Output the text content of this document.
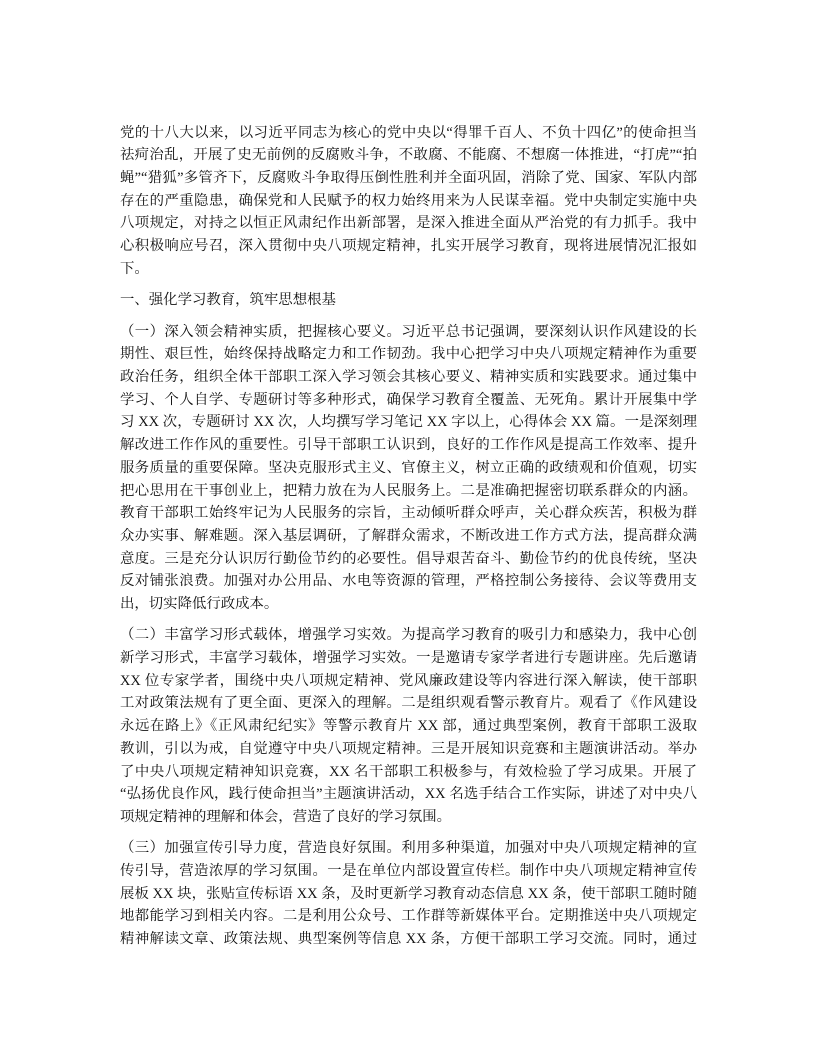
党的十八大以来，以习近平同志为核心的党中央以“得罪千百人、不负十四亿”的使命担当
祛疴治乱，开展了史无前例的反腐败斗争，不敢腐、不能腐、不想腐一体推进，“打虎”“拍
蝇”“猎狐”多管齐下，反腐败斗争取得压倒性胜利并全面巩固，消除了党、国家、军队内部
存在的严重隐患，确保党和人民赋予的权力始终用来为人民谋幸福。党中央制定实施中央
八项规定，对持之以恒正风肃纪作出新部署，是深入推进全面从严治党的有力抓手。我中
心积极响应号召，深入贯彻中央八项规定精神，扎实开展学习教育，现将进展情况汇报如
下。
一、强化学习教育，筑牢思想根基
（一）深入领会精神实质，把握核心要义。习近平总书记强调，要深刻认识作风建设的长
期性、艰巨性，始终保持战略定力和工作韧劲。我中心把学习中央八项规定精神作为重要
政治任务，组织全体干部职工深入学习领会其核心要义、精神实质和实践要求。通过集中
学习、个人自学、专题研讨等多种形式，确保学习教育全覆盖、无死角。累计开展集中学
习 XX 次，专题研讨 XX 次，人均撰写学习笔记 XX 字以上，心得体会 XX 篇。一是深刻理
解改进工作作风的重要性。引导干部职工认识到，良好的工作作风是提高工作效率、提升
服务质量的重要保障。坚决克服形式主义、官僚主义，树立正确的政绩观和价值观，切实
把心思用在干事创业上，把精力放在为人民服务上。二是准确把握密切联系群众的内涵。
教育干部职工始终牢记为人民服务的宗旨，主动倾听群众呼声，关心群众疾苦，积极为群
众办实事、解难题。深入基层调研，了解群众需求，不断改进工作方式方法，提高群众满
意度。三是充分认识厉行勤俭节约的必要性。倡导艰苦奋斗、勤俭节约的优良传统，坚决
反对铺张浪费。加强对办公用品、水电等资源的管理，严格控制公务接待、会议等费用支
出，切实降低行政成本。
（二）丰富学习形式载体，增强学习实效。为提高学习教育的吸引力和感染力，我中心创
新学习形式，丰富学习载体，增强学习实效。一是邀请专家学者进行专题讲座。先后邀请
XX 位专家学者，围绕中央八项规定精神、党风廉政建设等内容进行深入解读，使干部职
工对政策法规有了更全面、更深入的理解。二是组织观看警示教育片。观看了《作风建设
永远在路上》《正风肃纪纪实》等警示教育片 XX 部，通过典型案例，教育干部职工汲取
教训，引以为戒，自觉遵守中央八项规定精神。三是开展知识竞赛和主题演讲活动。举办
了中央八项规定精神知识竞赛，XX 名干部职工积极参与，有效检验了学习成果。开展了
“弘扬优良作风，践行使命担当”主题演讲活动，XX 名选手结合工作实际，讲述了对中央八
项规定精神的理解和体会，营造了良好的学习氛围。
（三）加强宣传引导力度，营造良好氛围。利用多种渠道，加强对中央八项规定精神的宣
传引导，营造浓厚的学习氛围。一是在单位内部设置宣传栏。制作中央八项规定精神宣传
展板 XX 块，张贴宣传标语 XX 条，及时更新学习教育动态信息 XX 条，使干部职工随时随
地都能学习到相关内容。二是利用公众号、工作群等新媒体平台。定期推送中央八项规定
精神解读文章、政策法规、典型案例等信息 XX 条，方便干部职工学习交流。同时，通过
